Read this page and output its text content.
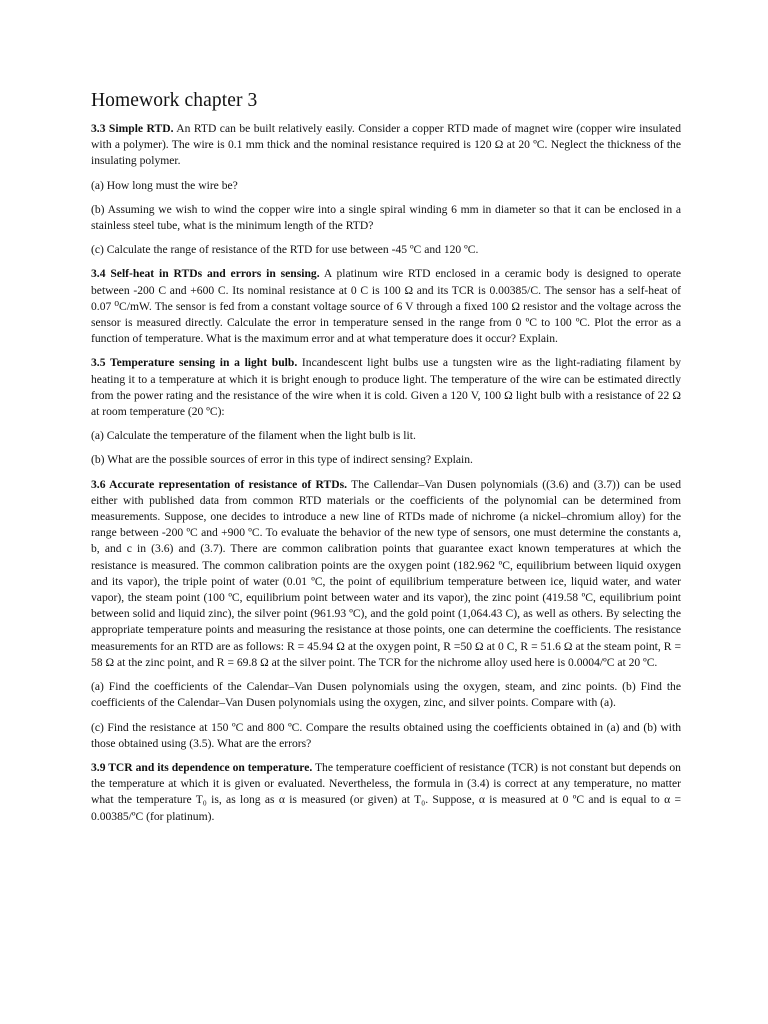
Homework chapter 3

3.3 Simple RTD. An RTD can be built relatively easily. Consider a copper RTD made of magnet wire (copper wire insulated with a polymer). The wire is 0.1 mm thick and the nominal resistance required is 120 Ω at 20 ºC. Neglect the thickness of the insulating polymer.

(a) How long must the wire be?

(b) Assuming we wish to wind the copper wire into a single spiral winding 6 mm in diameter so that it can be enclosed in a stainless steel tube, what is the minimum length of the RTD?

(c) Calculate the range of resistance of the RTD for use between -45 ºC and 120 ºC.

3.4 Self-heat in RTDs and errors in sensing. A platinum wire RTD enclosed in a ceramic body is designed to operate between -200 C and +600 C. Its nominal resistance at 0 C is 100 Ω and its TCR is 0.00385/C. The sensor has a self-heat of 0.07 ⁰C/mW. The sensor is fed from a constant voltage source of 6 V through a fixed 100 Ω resistor and the voltage across the sensor is measured directly. Calculate the error in temperature sensed in the range from 0 ºC to 100 ºC. Plot the error as a function of temperature. What is the maximum error and at what temperature does it occur? Explain.

3.5 Temperature sensing in a light bulb. Incandescent light bulbs use a tungsten wire as the light-radiating filament by heating it to a temperature at which it is bright enough to produce light. The temperature of the wire can be estimated directly from the power rating and the resistance of the wire when it is cold. Given a 120 V, 100 Ω light bulb with a resistance of 22 Ω at room temperature (20 ºC):

(a) Calculate the temperature of the filament when the light bulb is lit.

(b) What are the possible sources of error in this type of indirect sensing? Explain.

3.6 Accurate representation of resistance of RTDs. The Callendar–Van Dusen polynomials ((3.6) and (3.7)) can be used either with published data from common RTD materials or the coefficients of the polynomial can be determined from measurements. Suppose, one decides to introduce a new line of RTDs made of nichrome (a nickel–chromium alloy) for the range between -200 ºC and +900 ºC. To evaluate the behavior of the new type of sensors, one must determine the constants a, b, and c in (3.6) and (3.7). There are common calibration points that guarantee exact known temperatures at which the resistance is measured. The common calibration points are the oxygen point (182.962 ºC, equilibrium between liquid oxygen and its vapor), the triple point of water (0.01 ºC, the point of equilibrium temperature between ice, liquid water, and water vapor), the steam point (100 ºC, equilibrium point between water and its vapor), the zinc point (419.58 ºC, equilibrium point between solid and liquid zinc), the silver point (961.93 ºC), and the gold point (1,064.43 C), as well as others. By selecting the appropriate temperature points and measuring the resistance at those points, one can determine the coefficients. The resistance measurements for an RTD are as follows: R = 45.94 Ω at the oxygen point, R =50 Ω at 0 C, R = 51.6 Ω at the steam point, R = 58 Ω at the zinc point, and R = 69.8 Ω at the silver point. The TCR for the nichrome alloy used here is 0.0004/ºC at 20 ºC.

(a) Find the coefficients of the Calendar–Van Dusen polynomials using the oxygen, steam, and zinc points. (b) Find the coefficients of the Calendar–Van Dusen polynomials using the oxygen, zinc, and silver points. Compare with (a).

(c) Find the resistance at 150 ºC and 800 ºC. Compare the results obtained using the coefficients obtained in (a) and (b) with those obtained using (3.5). What are the errors?

3.9 TCR and its dependence on temperature. The temperature coefficient of resistance (TCR) is not constant but depends on the temperature at which it is given or evaluated. Nevertheless, the formula in (3.4) is correct at any temperature, no matter what the temperature T₀ is, as long as α is measured (or given) at T₀. Suppose, α is measured at 0 ºC and is equal to α = 0.00385/ºC (for platinum).
